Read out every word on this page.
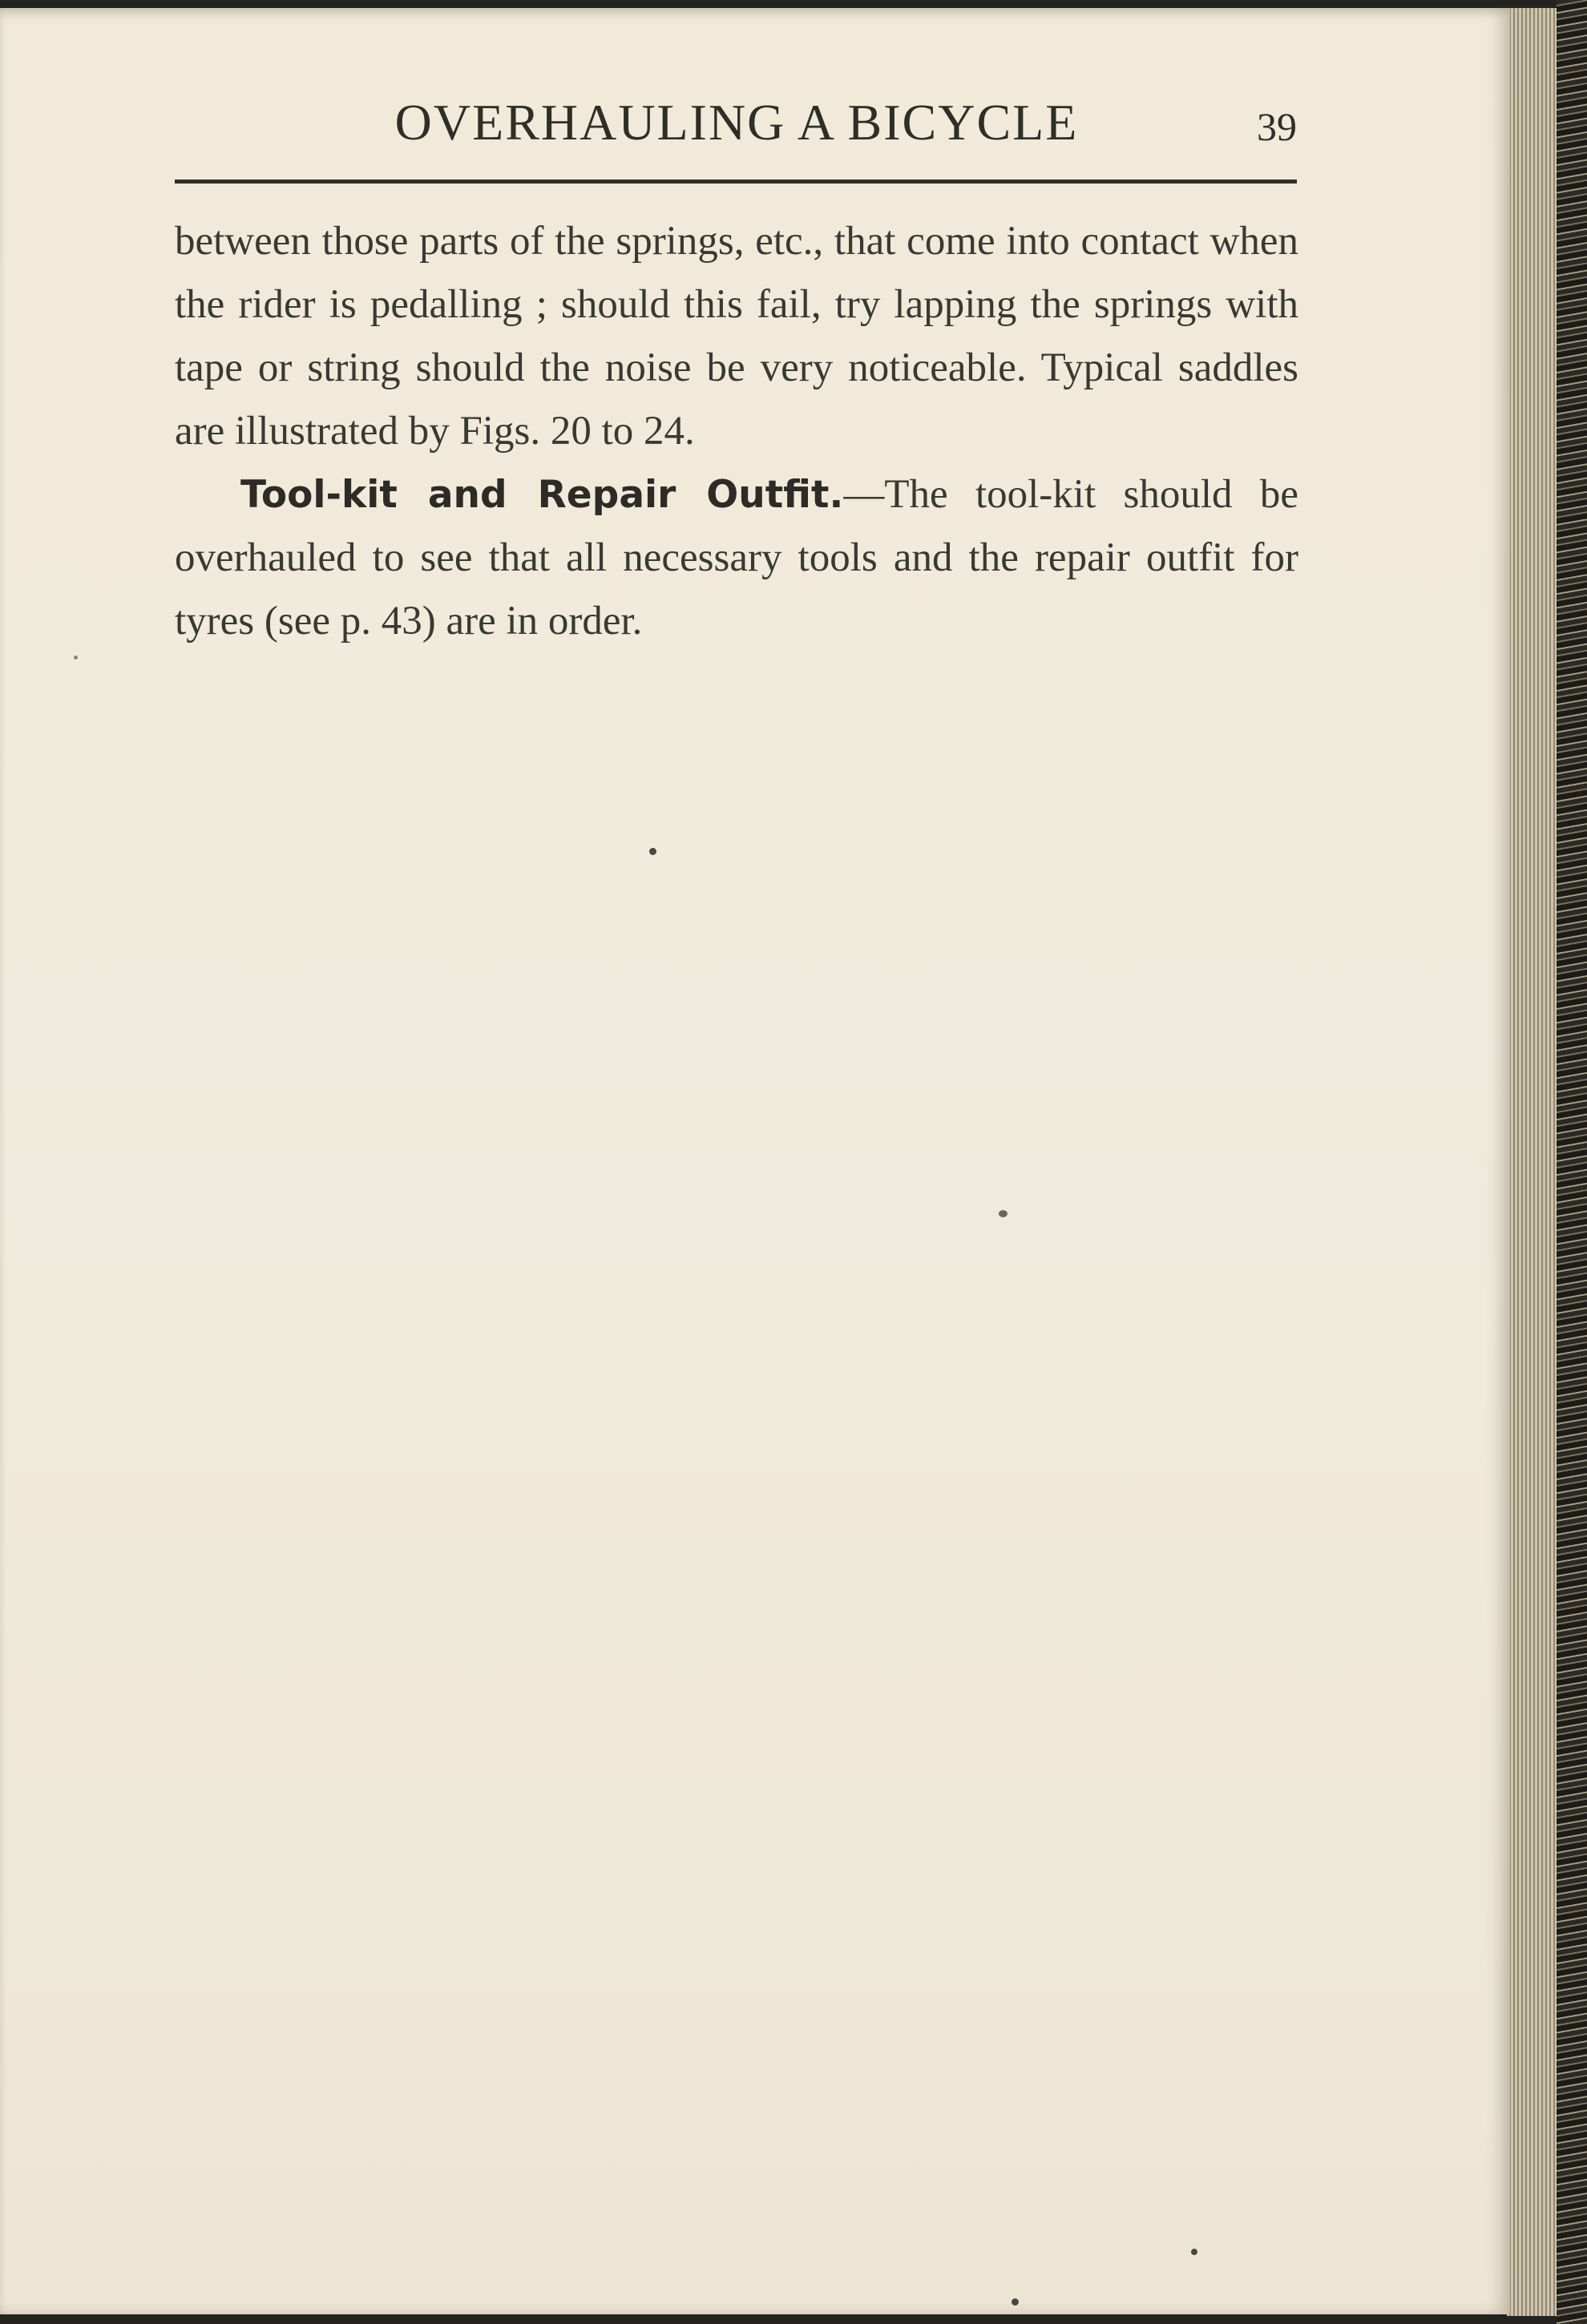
OVERHAULING A BICYCLE	39

between those parts of the springs, etc., that come into contact when the rider is pedalling ; should this fail, try lapping the springs with tape or string should the noise be very noticeable. Typical saddles are illustrated by Figs. 20 to 24.

Tool-kit and Repair Outfit.—The tool-kit should be overhauled to see that all necessary tools and the repair outfit for tyres (see p. 43) are in order.
